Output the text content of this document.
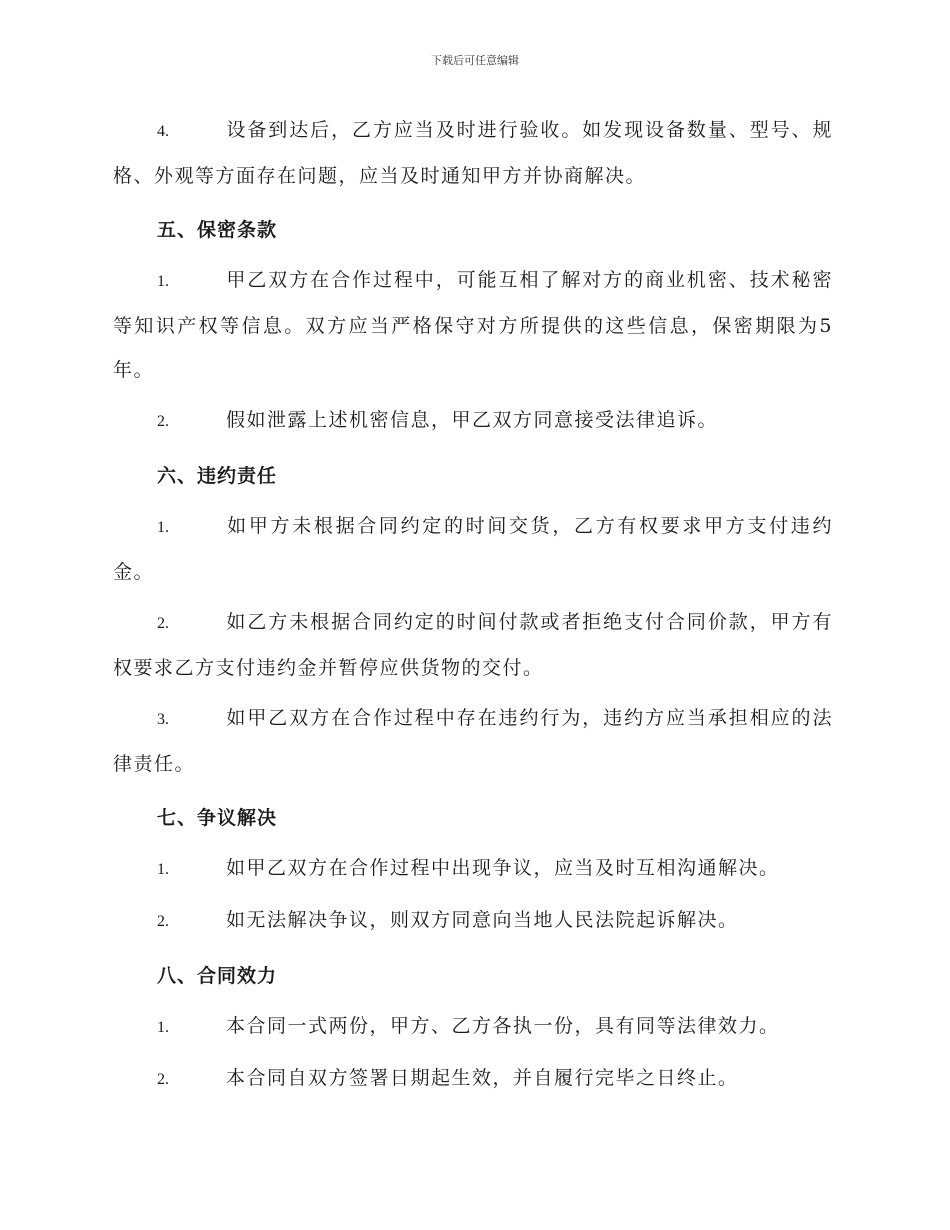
下载后可任意编辑
4.	设备到达后，乙方应当及时进行验收。如发现设备数量、型号、规格、外观等方面存在问题，应当及时通知甲方并协商解决。
五、保密条款
1.	甲乙双方在合作过程中，可能互相了解对方的商业机密、技术秘密等知识产权等信息。双方应当严格保守对方所提供的这些信息，保密期限为5年。
2.	假如泄露上述机密信息，甲乙双方同意接受法律追诉。
六、违约责任
1.	如甲方未根据合同约定的时间交货，乙方有权要求甲方支付违约金。
2.	如乙方未根据合同约定的时间付款或者拒绝支付合同价款，甲方有权要求乙方支付违约金并暂停应供货物的交付。
3.	如甲乙双方在合作过程中存在违约行为，违约方应当承担相应的法律责任。
七、争议解决
1.	如甲乙双方在合作过程中出现争议，应当及时互相沟通解决。
2.	如无法解决争议，则双方同意向当地人民法院起诉解决。
八、合同效力
1.	本合同一式两份，甲方、乙方各执一份，具有同等法律效力。
2.	本合同自双方签署日期起生效，并自履行完毕之日终止。
